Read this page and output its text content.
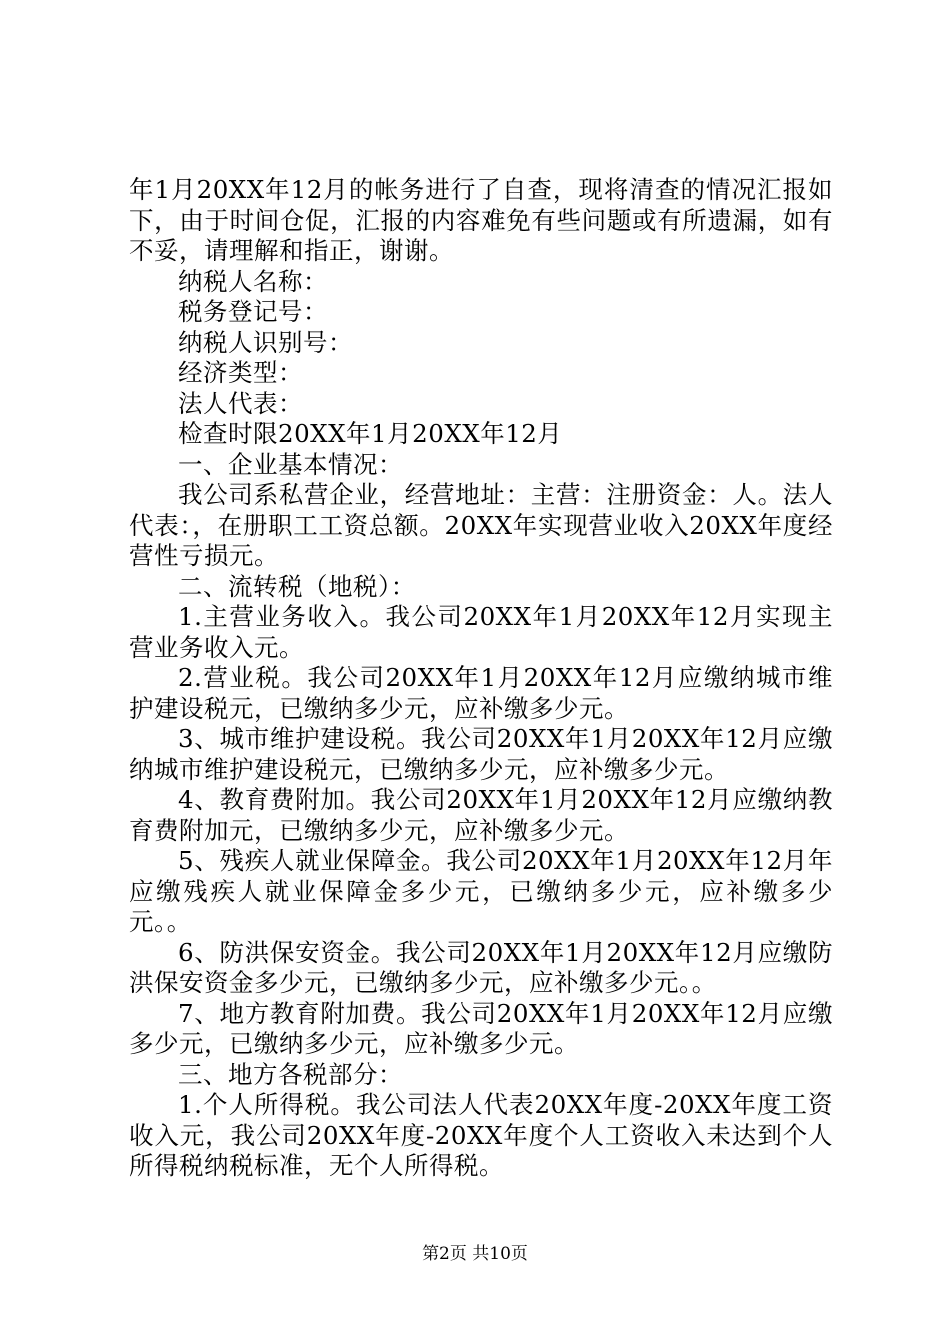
年1月20XX年12月的帐务进行了自查，现将清查的情况汇报如下，由于时间仓促，汇报的内容难免有些问题或有所遗漏，如有不妥，请理解和指正，谢谢。

纳税人名称：

税务登记号：

纳税人识别号：

经济类型：

法人代表：

检查时限20XX年1月20XX年12月

一、企业基本情况：

我公司系私营企业，经营地址：主营：注册资金：人。法人代表：，在册职工工资总额。20XX年实现营业收入20XX年度经营性亏损元。

二、流转税（地税）：

1.主营业务收入。我公司20XX年1月20XX年12月实现主营业务收入元。

2.营业税。我公司20XX年1月20XX年12月应缴纳城市维护建设税元，已缴纳多少元，应补缴多少元。

3、城市维护建设税。我公司20XX年1月20XX年12月应缴纳城市维护建设税元，已缴纳多少元，应补缴多少元。

4、教育费附加。我公司20XX年1月20XX年12月应缴纳教育费附加元，已缴纳多少元，应补缴多少元。

5、残疾人就业保障金。我公司20XX年1月20XX年12月年应缴残疾人就业保障金多少元，已缴纳多少元，应补缴多少元。。

6、防洪保安资金。我公司20XX年1月20XX年12月应缴防洪保安资金多少元，已缴纳多少元，应补缴多少元。。

7、地方教育附加费。我公司20XX年1月20XX年12月应缴多少元，已缴纳多少元，应补缴多少元。

三、地方各税部分：

1.个人所得税。我公司法人代表20XX年度-20XX年度工资收入元，我公司20XX年度-20XX年度个人工资收入未达到个人所得税纳税标准，无个人所得税。

第2页 共10页
